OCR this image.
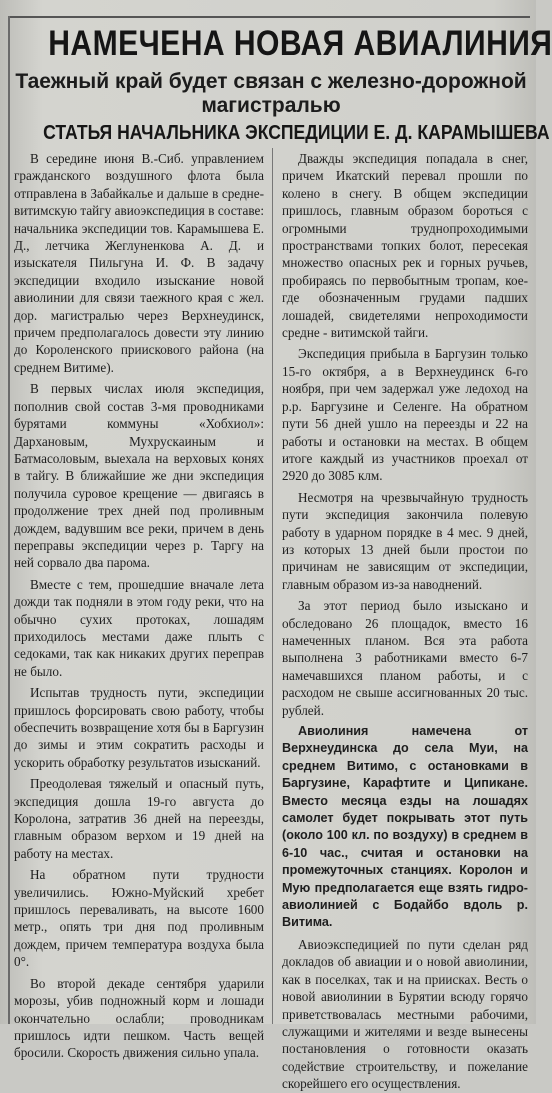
НАМЕЧЕНА НОВАЯ АВИАЛИНИЯ
Таежный край будет связан с железно-дорожной магистралью
СТАТЬЯ НАЧАЛЬНИКА ЭКСПЕДИЦИИ Е. Д. КАРАМЫШЕВА

В середине июня В.-Сиб. управлением гражданского воздушного флота была отправлена в Забайкалье и дальше в средне-витимскую тайгу авиоэкспедиция в составе: начальника экспедиции тов. Карамышева Е. Д., летчика Жеглуненкова А. Д. и изыскателя Пильгуна И. Ф. В задачу экспедиции входило изыскание новой авиолинии для связи таежного края с жел. дор. магистралью через Верхнеудинск, причем предполагалось довести эту линию до Короленского приискового района (на среднем Витиме).

В первых числах июля экспедиция, пополнив свой состав 3-мя проводниками бурятами коммуны «Хобхиол»: Дархановым, Мухрускаиным и Батмасоловым, выехала на верховых конях в тайгу. В ближайшие же дни экспедиция получила суровое крещение — двигаясь в продолжение трех дней под проливным дождем, вадувшим все реки, причем в день переправы экспедиции через р. Таргу на ней сорвало два парома.

Вместе с тем, прошедшие вначале лета дожди так подняли в этом году реки, что на обычно сухих протоках, лошадям приходилось местами даже плыть с седоками, так как никаких других переправ не было.

Испытав трудность пути, экспедиции пришлось форсировать свою работу, чтобы обеспечить возвращение хотя бы в Баргузин до зимы и этим сократить расходы и ускорить обработку результатов изысканий.

Преодолевая тяжелый и опасный путь, экспедиция дошла 19-го августа до Королона, затратив 36 дней на переезды, главным образом верхом и 19 дней на работу на местах.

На обратном пути трудности увеличились. Южно-Муйский хребет пришлось переваливать, на высоте 1600 метр., опять три дня под проливным дождем, причем температура воздуха была 0°.

Во второй декаде сентября ударили морозы, убив подножный корм и лошади окончательно ослабли; проводникам пришлось идти пешком. Часть вещей бросили. Скорость движения сильно упала.

Дважды экспедиция попадала в снег, причем Икатский перевал прошли по колено в снегу. В общем экспедиции пришлось, главным образом бороться с огромными труднопроходимыми пространствами топких болот, пересекая множество опасных рек и горных ручьев, пробираясь по первобытным тропам, кое-где обозначенным грудами падших лошадей, свидетелями непроходимости средне - витимской тайги.

Экспедиция прибыла в Баргузин только 15-го октября, а в Верхнеудинск 6-го ноября, при чем задержал уже ледоход на р.р. Баргузине и Селенге. На обратном пути 56 дней ушло на переезды и 22 на работы и остановки на местах. В общем итоге каждый из участников проехал от 2920 до 3085 клм.

Несмотря на чрезвычайную трудность пути экспедиция закончила полевую работу в ударном порядке в 4 мес. 9 дней, из которых 13 дней были простои по причинам не зависящим от экспедиции, главным образом из-за наводнений.

За этот период было изыскано и обследовано 26 площадок, вместо 16 намеченных планом. Вся эта работа выполнена 3 работниками вместо 6-7 намечавшихся планом работы, и с расходом не свыше ассигнованных 20 тыс. рублей.

Авиолиния намечена от Верхнеудинска до села Муи, на среднем Витимо, с остановками в Баргузине, Карафтите и Ципикане. Вместо месяца езды на лошадях самолет будет покрывать этот путь (около 100 кл. по воздуху) в среднем в 6-10 час., считая и остановки на промежуточных станциях. Королон и Мую предполагается еще взять гидро-авиолинией с Бодайбо вдоль р. Витима.

Авиоэкспедицией по пути сделан ряд докладов об авиации и о новой авиолинии, как в поселках, так и на приисках. Весть о новой авиолинии в Бурятии всюду горячо приветствовалась местными рабочими, служащими и жителями и везде вынесены постановления о готовности оказать содействие строительству, и пожелание скорейшего его осуществления.
